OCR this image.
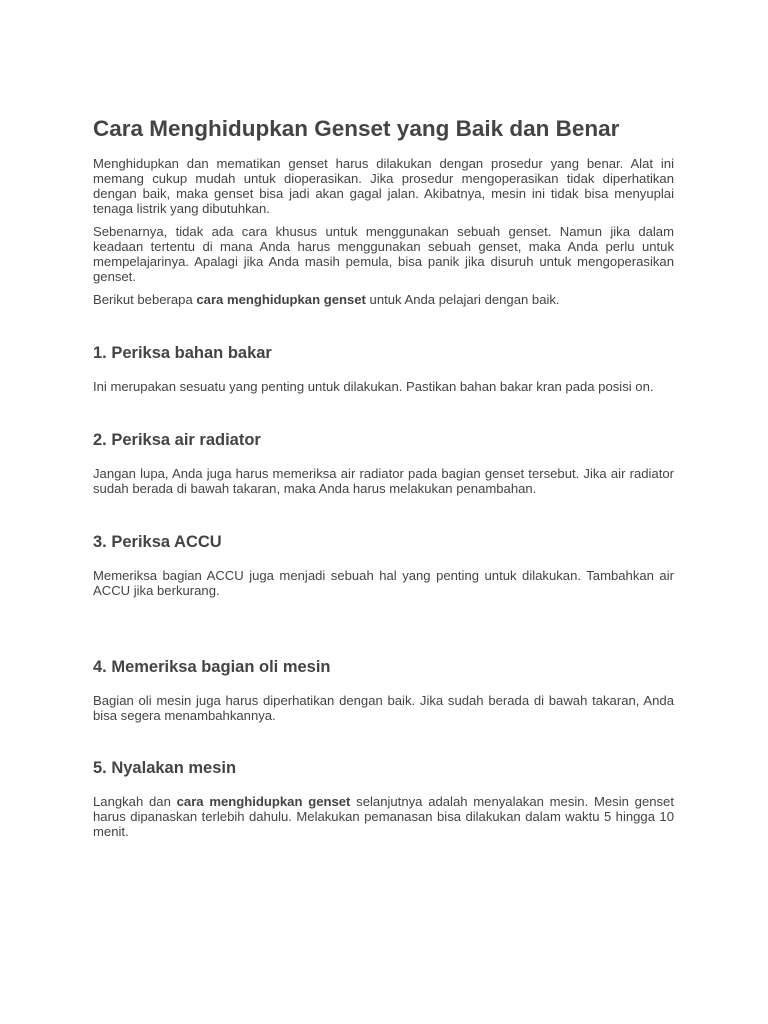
Cara Menghidupkan Genset yang Baik dan Benar

Menghidupkan dan mematikan genset harus dilakukan dengan prosedur yang benar. Alat ini memang cukup mudah untuk dioperasikan. Jika prosedur mengoperasikan tidak diperhatikan dengan baik, maka genset bisa jadi akan gagal jalan. Akibatnya, mesin ini tidak bisa menyuplai tenaga listrik yang dibutuhkan.

Sebenarnya, tidak ada cara khusus untuk menggunakan sebuah genset. Namun jika dalam keadaan tertentu di mana Anda harus menggunakan sebuah genset, maka Anda perlu untuk mempelajarinya. Apalagi jika Anda masih pemula, bisa panik jika disuruh untuk mengoperasikan genset.

Berikut beberapa cara menghidupkan genset untuk Anda pelajari dengan baik.

1. Periksa bahan bakar

Ini merupakan sesuatu yang penting untuk dilakukan. Pastikan bahan bakar kran pada posisi on.

2. Periksa air radiator

Jangan lupa, Anda juga harus memeriksa air radiator pada bagian genset tersebut. Jika air radiator sudah berada di bawah takaran, maka Anda harus melakukan penambahan.

3. Periksa ACCU

Memeriksa bagian ACCU juga menjadi sebuah hal yang penting untuk dilakukan. Tambahkan air ACCU jika berkurang.

4. Memeriksa bagian oli mesin

Bagian oli mesin juga harus diperhatikan dengan baik. Jika sudah berada di bawah takaran, Anda bisa segera menambahkannya.

5. Nyalakan mesin

Langkah dan cara menghidupkan genset selanjutnya adalah menyalakan mesin. Mesin genset harus dipanaskan terlebih dahulu. Melakukan pemanasan bisa dilakukan dalam waktu 5 hingga 10 menit.
